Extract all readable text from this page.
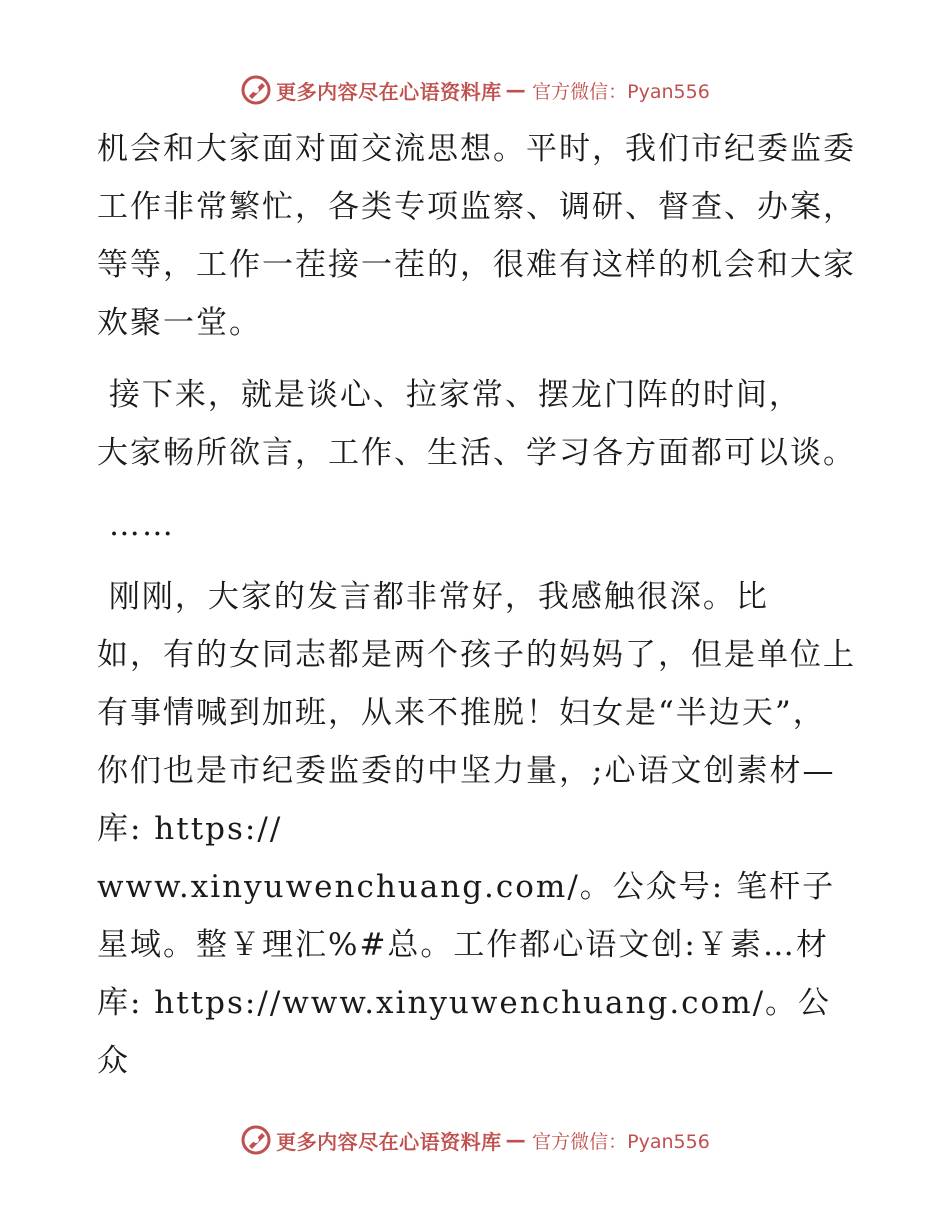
更多内容尽在心语资料库 — 官方微信：Pyan556

机会和大家面对面交流思想。平时，我们市纪委监委工作非常繁忙，各类专项监察、调研、督查、办案，等等，工作一茬接一茬的，很难有这样的机会和大家欢聚一堂。

接下来，就是谈心、拉家常、摆龙门阵的时间，
大家畅所欲言，工作、生活、学习各方面都可以谈。

……

刚刚，大家的发言都非常好，我感触很深。比
如，有的女同志都是两个孩子的妈妈了，但是单位上有事情喊到加班，从来不推脱！妇女是“半边天”，你们也是市纪委监委的中坚力量，;心语文创素材—库: https://
www.xinyuwenchuang.com/。公众号: 笔杆子星域。整￥理汇%#总。工作都心语文创:￥素…材库: https://www.xinyuwenchuang.com/。公众

更多内容尽在心语资料库 — 官方微信：Pyan556
